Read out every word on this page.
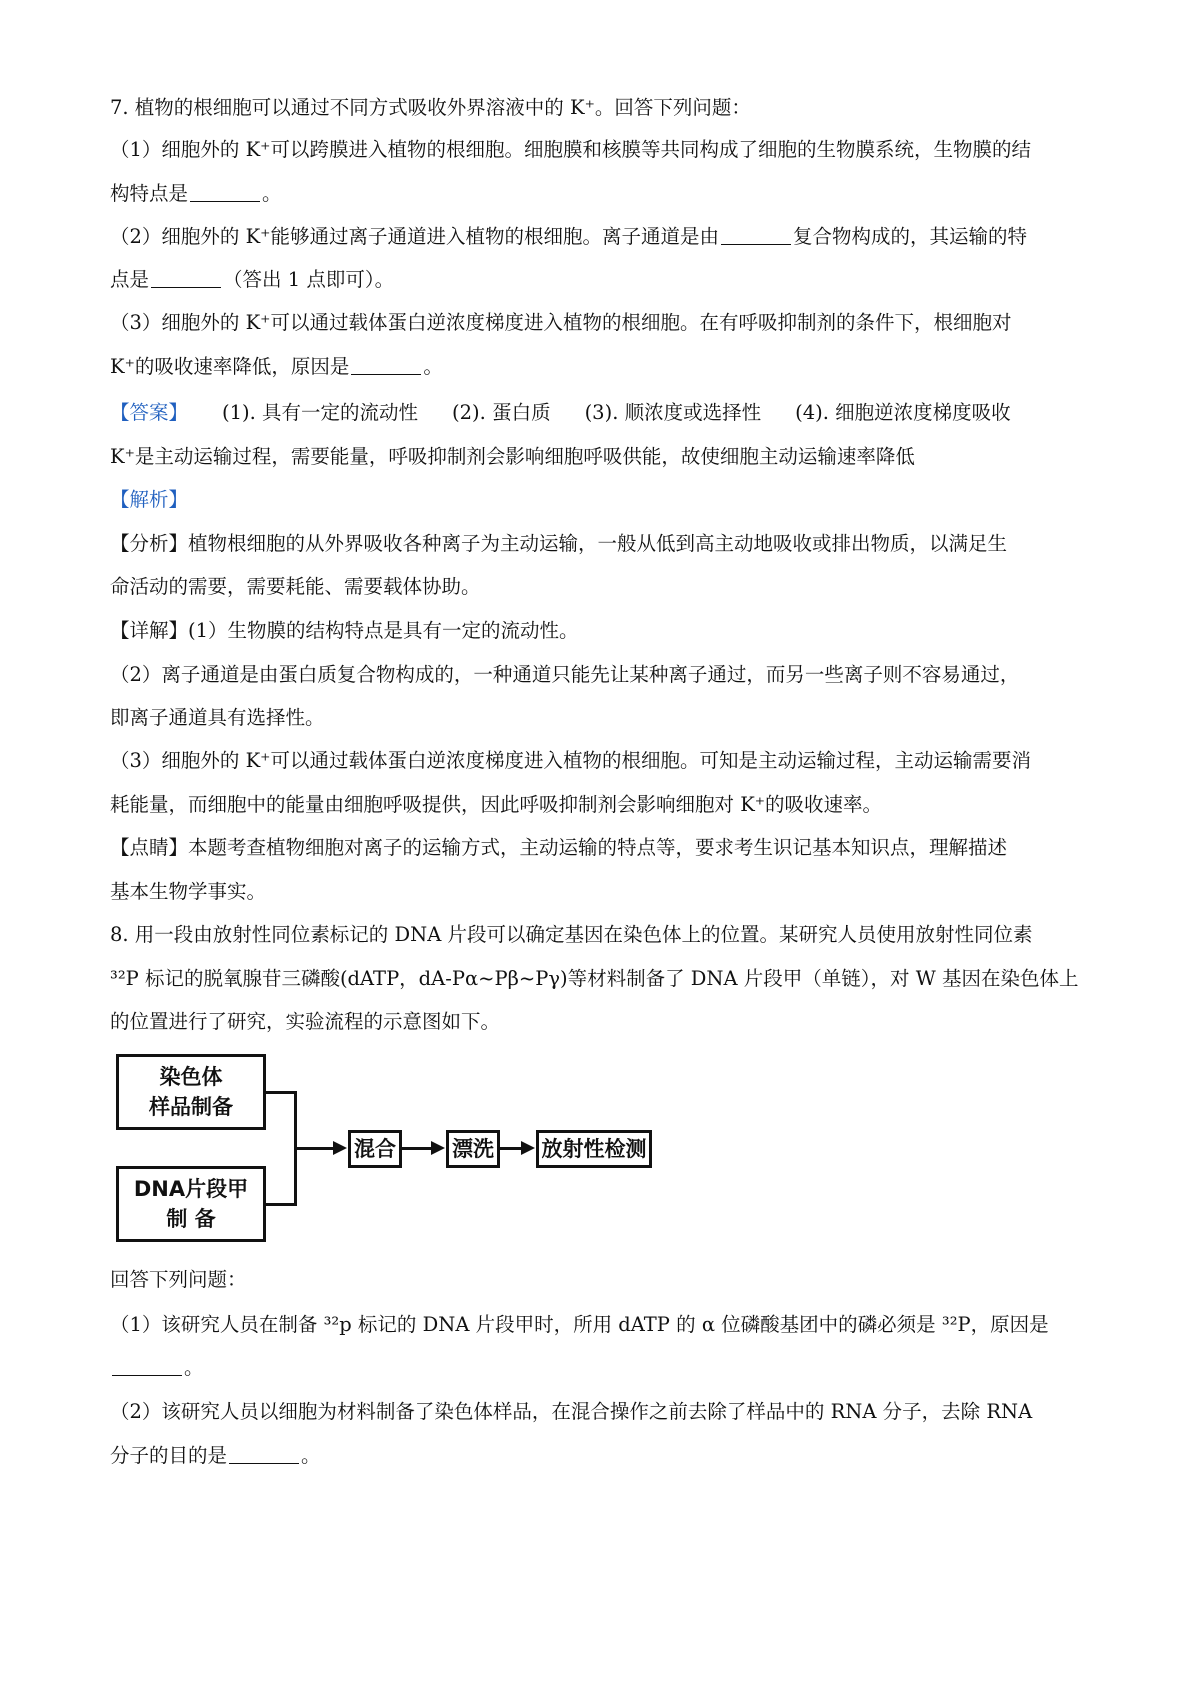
7. 植物的根细胞可以通过不同方式吸收外界溶液中的 K⁺。回答下列问题：

（1）细胞外的 K⁺可以跨膜进入植物的根细胞。细胞膜和核膜等共同构成了细胞的生物膜系统，生物膜的结

构特点是	。

（2）细胞外的 K⁺能够通过离子通道进入植物的根细胞。离子通道是由	复合物构成的，其运输的特

点是	（答出 1 点即可）。

（3）细胞外的 K⁺可以通过载体蛋白逆浓度梯度进入植物的根细胞。在有呼吸抑制剂的条件下，根细胞对

K⁺的吸收速率降低，原因是	。

【答案】 (1). 具有一定的流动性 (2). 蛋白质 (3). 顺浓度或选择性 (4). 细胞逆浓度梯度吸收

K⁺是主动运输过程，需要能量，呼吸抑制剂会影响细胞呼吸供能，故使细胞主动运输速率降低

【解析】

【分析】植物根细胞的从外界吸收各种离子为主动运输，一般从低到高主动地吸收或排出物质，以满足生

命活动的需要，需要耗能、需要载体协助。

【详解】(1）生物膜的结构特点是具有一定的流动性。

（2）离子通道是由蛋白质复合物构成的，一种通道只能先让某种离子通过，而另一些离子则不容易通过，

即离子通道具有选择性。

（3）细胞外的 K⁺可以通过载体蛋白逆浓度梯度进入植物的根细胞。可知是主动运输过程，主动运输需要消

耗能量，而细胞中的能量由细胞呼吸提供，因此呼吸抑制剂会影响细胞对 K⁺的吸收速率。

【点睛】本题考查植物细胞对离子的运输方式，主动运输的特点等，要求考生识记基本知识点，理解描述

基本生物学事实。

8. 用一段由放射性同位素标记的 DNA 片段可以确定基因在染色体上的位置。某研究人员使用放射性同位素

³²P 标记的脱氧腺苷三磷酸(dATP，dA-Pα~Pβ~Pγ)等材料制备了 DNA 片段甲（单链），对 W 基因在染色体上

的位置进行了研究，实验流程的示意图如下。

染色体
样品制备
DNA片段甲
制 备
混合	漂洗 放射性检测

回答下列问题：

（1）该研究人员在制备 ³²p 标记的 DNA 片段甲时，所用 dATP 的 α 位磷酸基团中的磷必须是 ³²P，原因是

。

（2）该研究人员以细胞为材料制备了染色体样品，在混合操作之前去除了样品中的 RNA 分子，去除 RNA

分子的目的是	。
